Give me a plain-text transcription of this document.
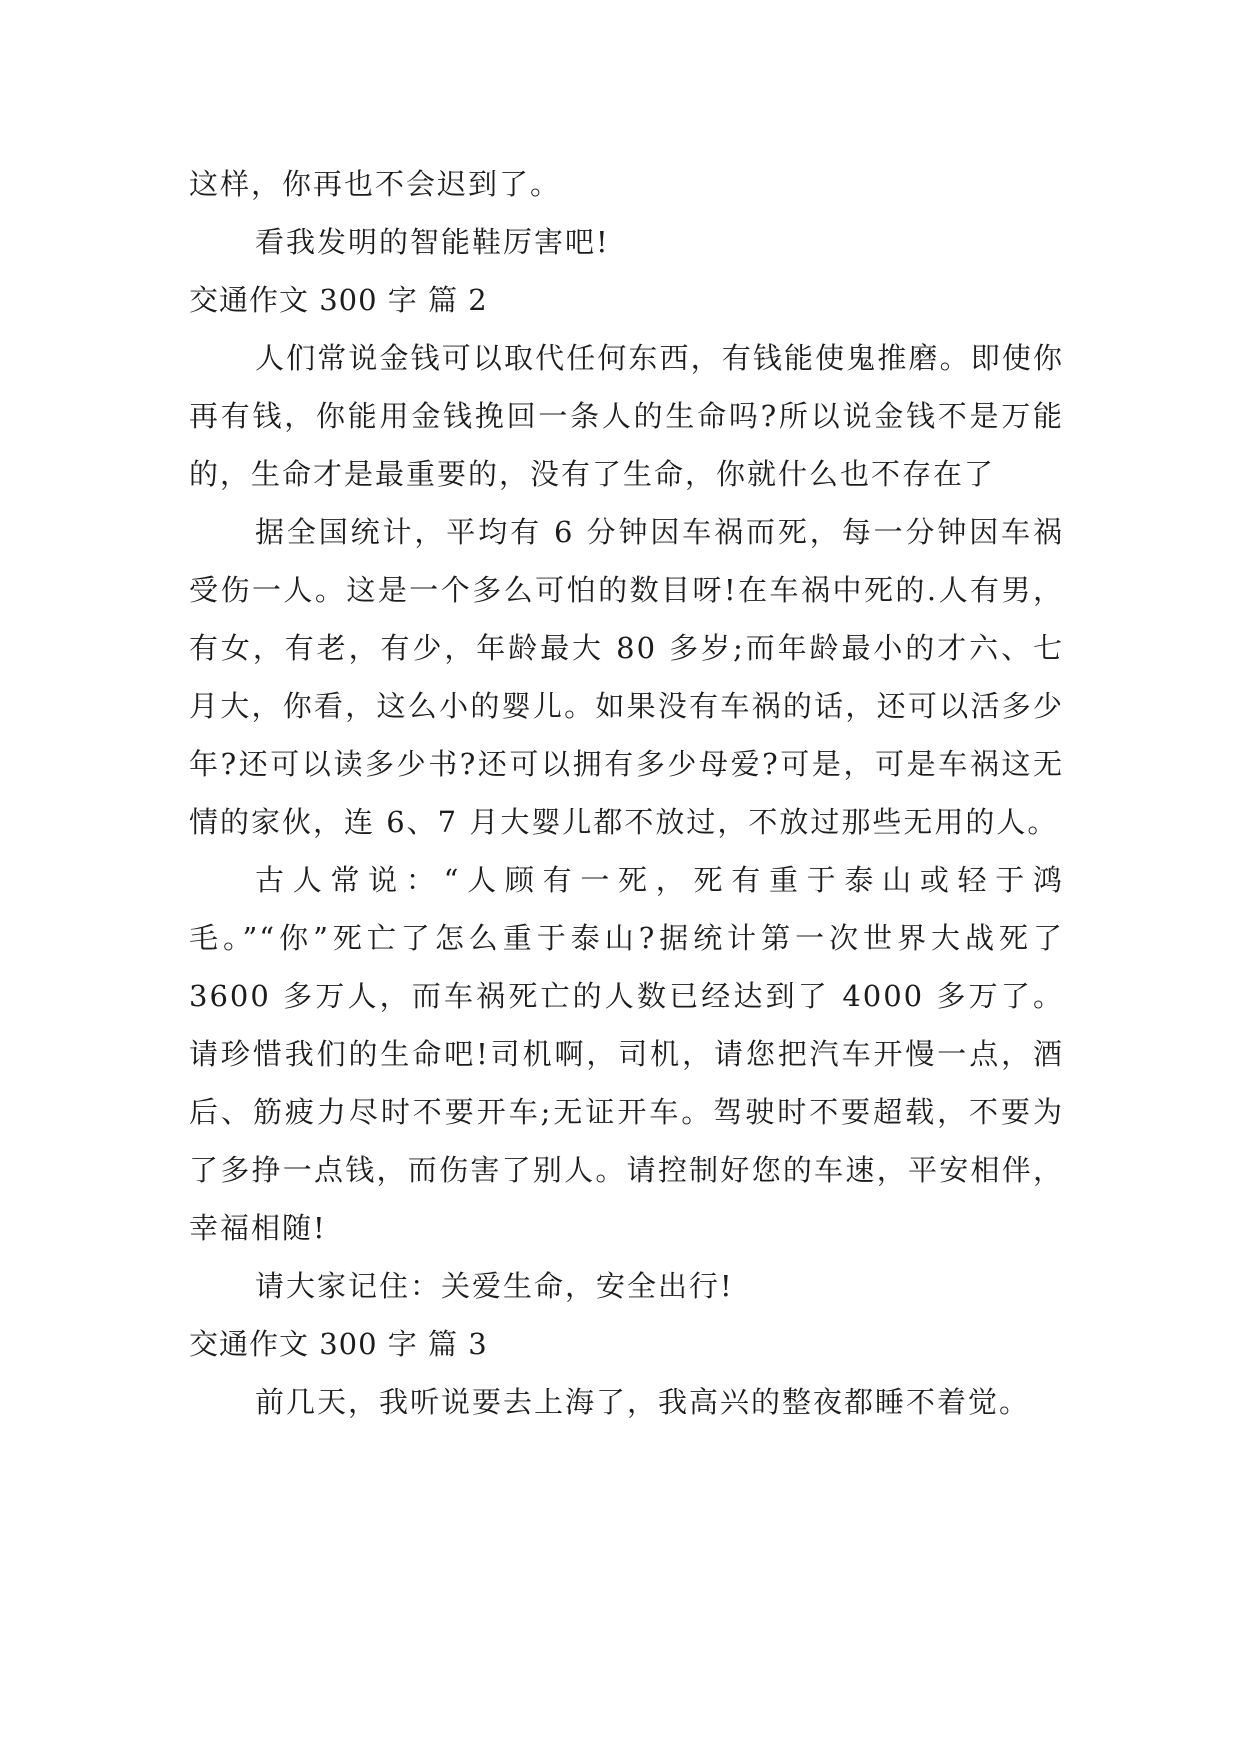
这样，你再也不会迟到了。

看我发明的智能鞋厉害吧!

交通作文 300 字 篇 2

人们常说金钱可以取代任何东西，有钱能使鬼推磨。即使你再有钱，你能用金钱挽回一条人的生命吗?所以说金钱不是万能的，生命才是最重要的，没有了生命，你就什么也不存在了

据全国统计，平均有 6 分钟因车祸而死，每一分钟因车祸受伤一人。这是一个多么可怕的数目呀!在车祸中死的.人有男，有女，有老，有少，年龄最大 80 多岁;而年龄最小的才六、七月大，你看，这么小的婴儿。如果没有车祸的话，还可以活多少年?还可以读多少书?还可以拥有多少母爱?可是，可是车祸这无情的家伙，连 6、7 月大婴儿都不放过，不放过那些无用的人。

古人常说：“人顾有一死，死有重于泰山或轻于鸿毛。”“你”死亡了怎么重于泰山?据统计第一次世界大战死了3600 多万人，而车祸死亡的人数已经达到了 4000 多万了。请珍惜我们的生命吧!司机啊，司机，请您把汽车开慢一点，酒后、筋疲力尽时不要开车;无证开车。驾驶时不要超载，不要为了多挣一点钱，而伤害了别人。请控制好您的车速，平安相伴，幸福相随!

请大家记住：关爱生命，安全出行!

交通作文 300 字 篇 3

前几天，我听说要去上海了，我高兴的整夜都睡不着觉。
